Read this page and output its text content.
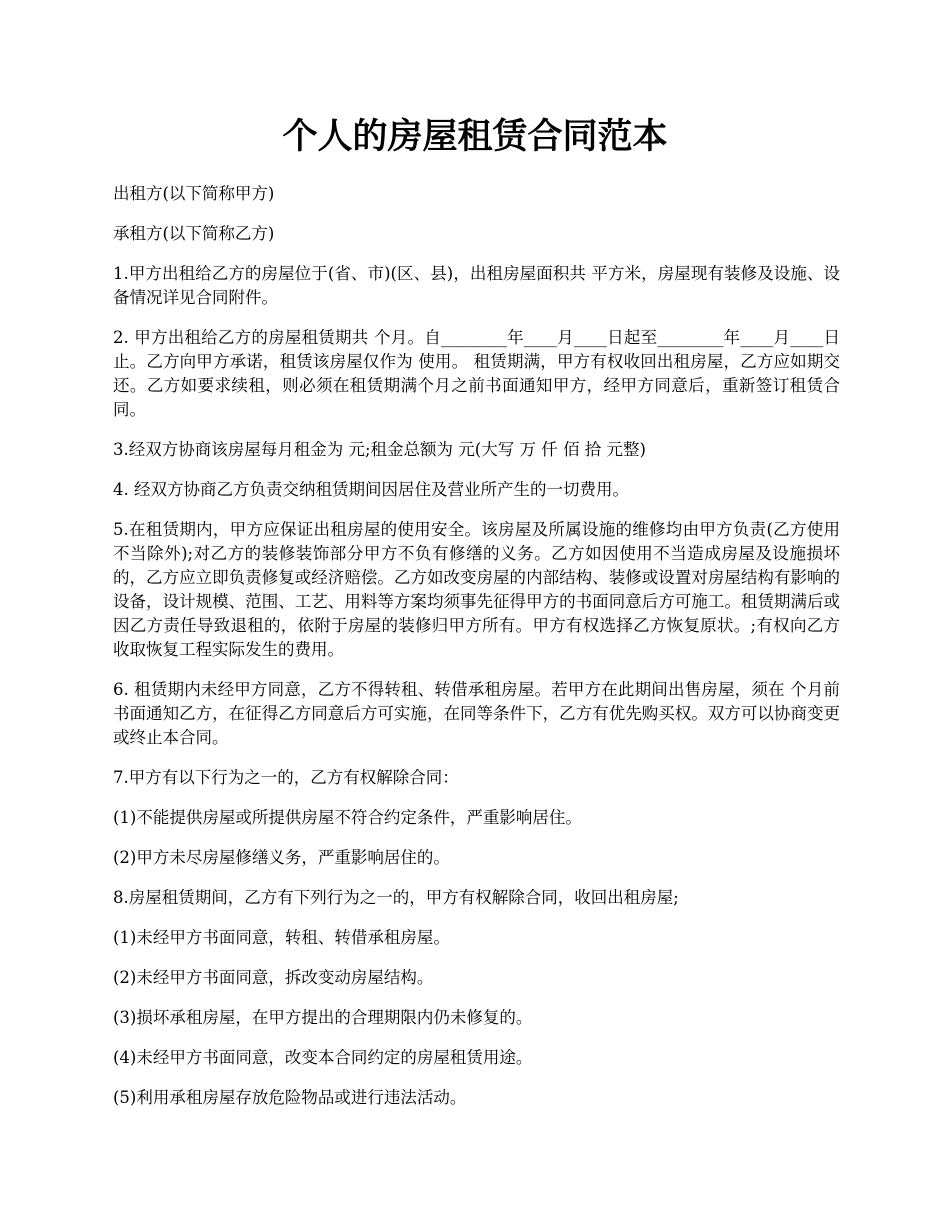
个人的房屋租赁合同范本

出租方(以下简称甲方)

承租方(以下简称乙方)

1.甲方出租给乙方的房屋位于(省、市)(区、县)，出租房屋面积共 平方米，房屋现有装修及设施、设备情况详见合同附件。

2. 甲方出租给乙方的房屋租赁期共 个月。自________年____月____日起至________年____月____日止。乙方向甲方承诺，租赁该房屋仅作为 使用。 租赁期满，甲方有权收回出租房屋，乙方应如期交还。乙方如要求续租，则必须在租赁期满个月之前书面通知甲方，经甲方同意后，重新签订租赁合同。

3.经双方协商该房屋每月租金为 元;租金总额为 元(大写 万 仟 佰 拾 元整)

4. 经双方协商乙方负责交纳租赁期间因居住及营业所产生的一切费用。

5.在租赁期内，甲方应保证出租房屋的使用安全。该房屋及所属设施的维修均由甲方负责(乙方使用不当除外);对乙方的装修装饰部分甲方不负有修缮的义务。乙方如因使用不当造成房屋及设施损坏的，乙方应立即负责修复或经济赔偿。乙方如改变房屋的内部结构、装修或设置对房屋结构有影响的设备，设计规模、范围、工艺、用料等方案均须事先征得甲方的书面同意后方可施工。租赁期满后或因乙方责任导致退租的，依附于房屋的装修归甲方所有。甲方有权选择乙方恢复原状。;有权向乙方收取恢复工程实际发生的费用。

6. 租赁期内未经甲方同意，乙方不得转租、转借承租房屋。若甲方在此期间出售房屋，须在 个月前书面通知乙方，在征得乙方同意后方可实施，在同等条件下，乙方有优先购买权。双方可以协商变更或终止本合同。

7.甲方有以下行为之一的，乙方有权解除合同：

(1)不能提供房屋或所提供房屋不符合约定条件，严重影响居住。

(2)甲方未尽房屋修缮义务，严重影响居住的。

8.房屋租赁期间，乙方有下列行为之一的，甲方有权解除合同，收回出租房屋;

(1)未经甲方书面同意，转租、转借承租房屋。

(2)未经甲方书面同意，拆改变动房屋结构。

(3)损坏承租房屋，在甲方提出的合理期限内仍未修复的。

(4)未经甲方书面同意，改变本合同约定的房屋租赁用途。

(5)利用承租房屋存放危险物品或进行违法活动。
